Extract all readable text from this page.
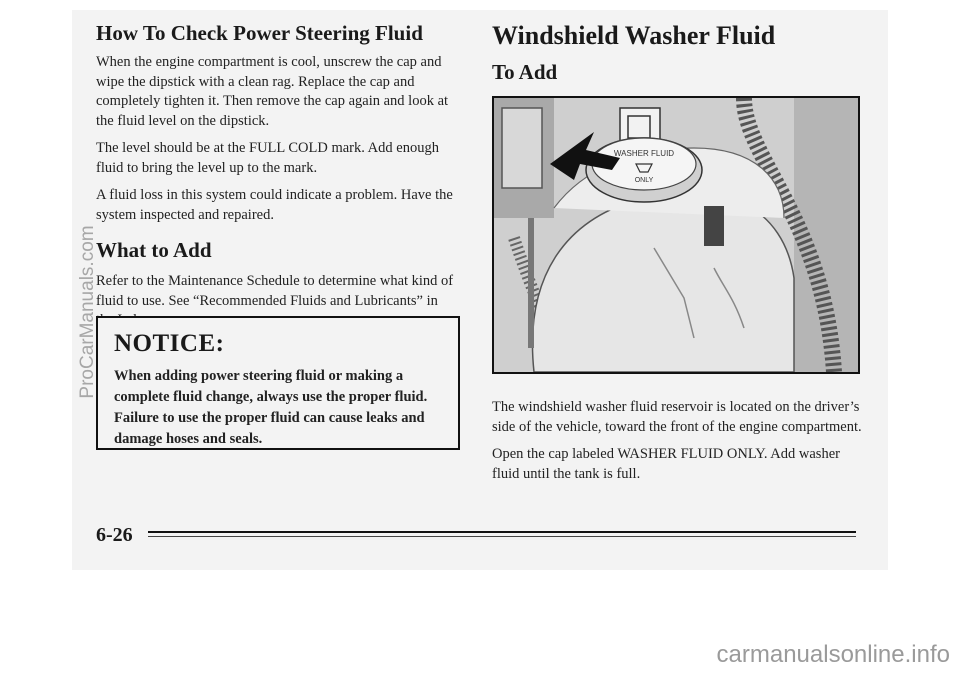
How To Check Power Steering Fluid

When the engine compartment is cool, unscrew the cap and wipe the dipstick with a clean rag. Replace the cap and completely tighten it. Then remove the cap again and look at the fluid level on the dipstick.

The level should be at the FULL COLD mark. Add enough fluid to bring the level up to the mark.

A fluid loss in this system could indicate a problem. Have the system inspected and repaired.

What to Add

Refer to the Maintenance Schedule to determine what kind of fluid to use. See “Recommended Fluids and Lubricants” in

NOTICE:

When adding power steering fluid or making a complete fluid change, always use the proper fluid. Failure to use the proper fluid can cause leaks and damage hoses and seals.

Windshield Washer Fluid
To Add
WASHER FLUID
ONLY

The windshield washer fluid reservoir is located on the driver’s side of the vehicle, toward the front of the engine compartment.

Open the cap labeled WASHER FLUID ONLY. Add washer fluid until the tank is full.

6-26
ProCarManuals.com
carmanualsonline.info
